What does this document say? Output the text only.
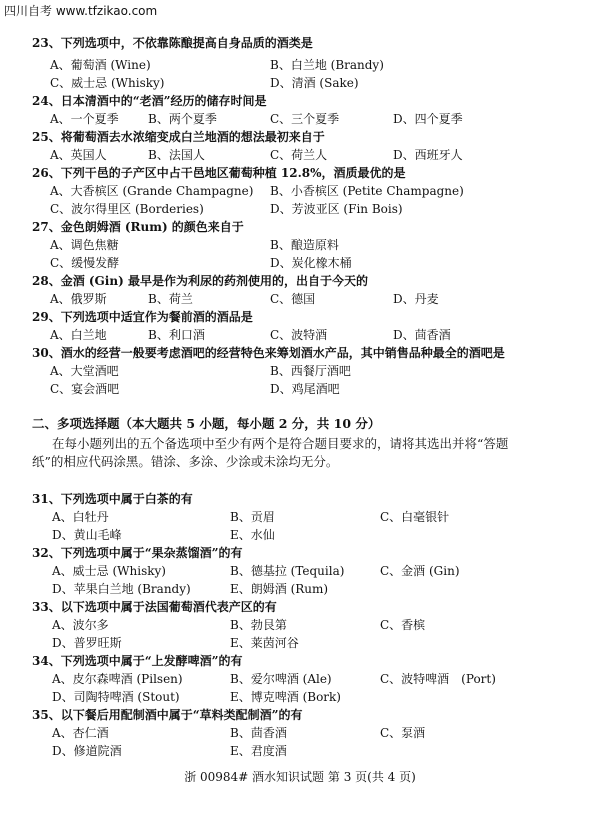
四川自考 www.tfzikao.com
23、下列选项中，不依靠陈酿提高自身品质的酒类是
A、葡萄酒 (Wine)	B、白兰地 (Brandy)
C、威士忌 (Whisky)	D、清酒 (Sake)
24、日本清酒中的“老酒”经历的储存时间是
A、一个夏季 B、两个夏季	C、三个夏季	D、四个夏季
25、将葡萄酒去水浓缩变成白兰地酒的想法最初来自于
A、英国人	B、法国人	C、荷兰人	D、西班牙人
26、下列干邑的子产区中占干邑地区葡萄种植 12.8%，酒质最优的是
A、大香槟区 (Grande Champagne) B、小香槟区 (Petite Champagne)
C、波尔得里区 (Borderies)	D、芳波亚区 (Fin Bois)
27、金色朗姆酒 (Rum) 的颜色来自于
A、调色焦糖	B、酿造原料
C、缓慢发酵	D、炭化橡木桶
28、金酒 (Gin) 最早是作为利尿的药剂使用的，出自于今天的
A、俄罗斯	B、荷兰	C、德国	D、丹麦
29、下列选项中适宜作为餐前酒的酒品是
A、白兰地	B、利口酒	C、波特酒	D、茴香酒
30、酒水的经营一般要考虑酒吧的经营特色来筹划酒水产品，其中销售品种最全的酒吧是
A、大堂酒吧	B、西餐厅酒吧
C、宴会酒吧	D、鸡尾酒吧
二、多项选择题（本大题共 5 小题，每小题 2 分，共 10 分）
在每小题列出的五个备选项中至少有两个是符合题目要求的，请将其选出并将“答题
纸”的相应代码涂黑。错涂、多涂、少涂或未涂均无分。
31、下列选项中属于白茶的有
A、白牡丹	B、贡眉	C、白毫银针
D、黄山毛峰	E、水仙
32、下列选项中属于“果杂蒸馏酒”的有
A、威士忌 (Whisky)	B、德基拉 (Tequila)	C、金酒 (Gin)
D、苹果白兰地 (Brandy)	E、朗姆酒 (Rum)
33、以下选项中属于法国葡萄酒代表产区的有
A、波尔多	B、勃艮第	C、香槟
D、普罗旺斯	E、莱茵河谷
34、下列选项中属于“上发酵啤酒”的有
A、皮尔森啤酒 (Pilsen)	B、爱尔啤酒 (Ale)	C、波特啤酒　(Port)
D、司陶特啤酒 (Stout)	E、博克啤酒 (Bork)
35、以下餐后用配制酒中属于“草料类配制酒”的有
A、杏仁酒	B、茴香酒	C、泵酒
D、修道院酒	E、君度酒
浙 00984# 酒水知识试题 第 3 页(共 4 页)
